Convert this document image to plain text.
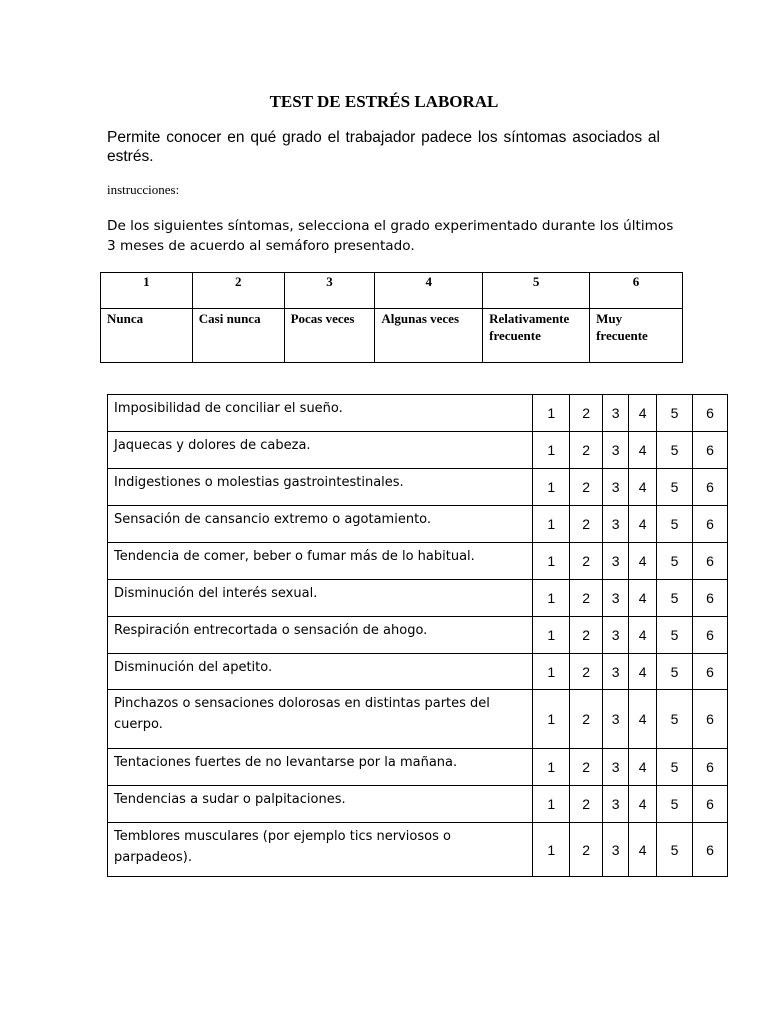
TEST DE ESTRÉS LABORAL
Permite conocer en qué grado el trabajador padece los síntomas asociados al estrés.
instrucciones:
De los siguientes síntomas, selecciona el grado experimentado durante los últimos 3 meses de acuerdo al semáforo presentado.
1	2	3	4	5	6
Nunca	Casi nunca	Pocas veces	Algunas veces	Relativamente frecuente	Muy frecuente
Imposibilidad de conciliar el sueño.	1	2	3	4	5	6
Jaquecas y dolores de cabeza.	1	2	3	4	5	6
Indigestiones o molestias gastrointestinales.	1	2	3	4	5	6
Sensación de cansancio extremo o agotamiento.	1	2	3	4	5	6
Tendencia de comer, beber o fumar más de lo habitual.	1	2	3	4	5	6
Disminución del interés sexual.	1	2	3	4	5	6
Respiración entrecortada o sensación de ahogo.	1	2	3	4	5	6
Disminución del apetito.	1	2	3	4	5	6
Pinchazos o sensaciones dolorosas en distintas partes del cuerpo.	1	2	3	4	5	6
Tentaciones fuertes de no levantarse por la mañana.	1	2	3	4	5	6
Tendencias a sudar o palpitaciones.	1	2	3	4	5	6
Temblores musculares (por ejemplo tics nerviosos o parpadeos).	1	2	3	4	5	6
